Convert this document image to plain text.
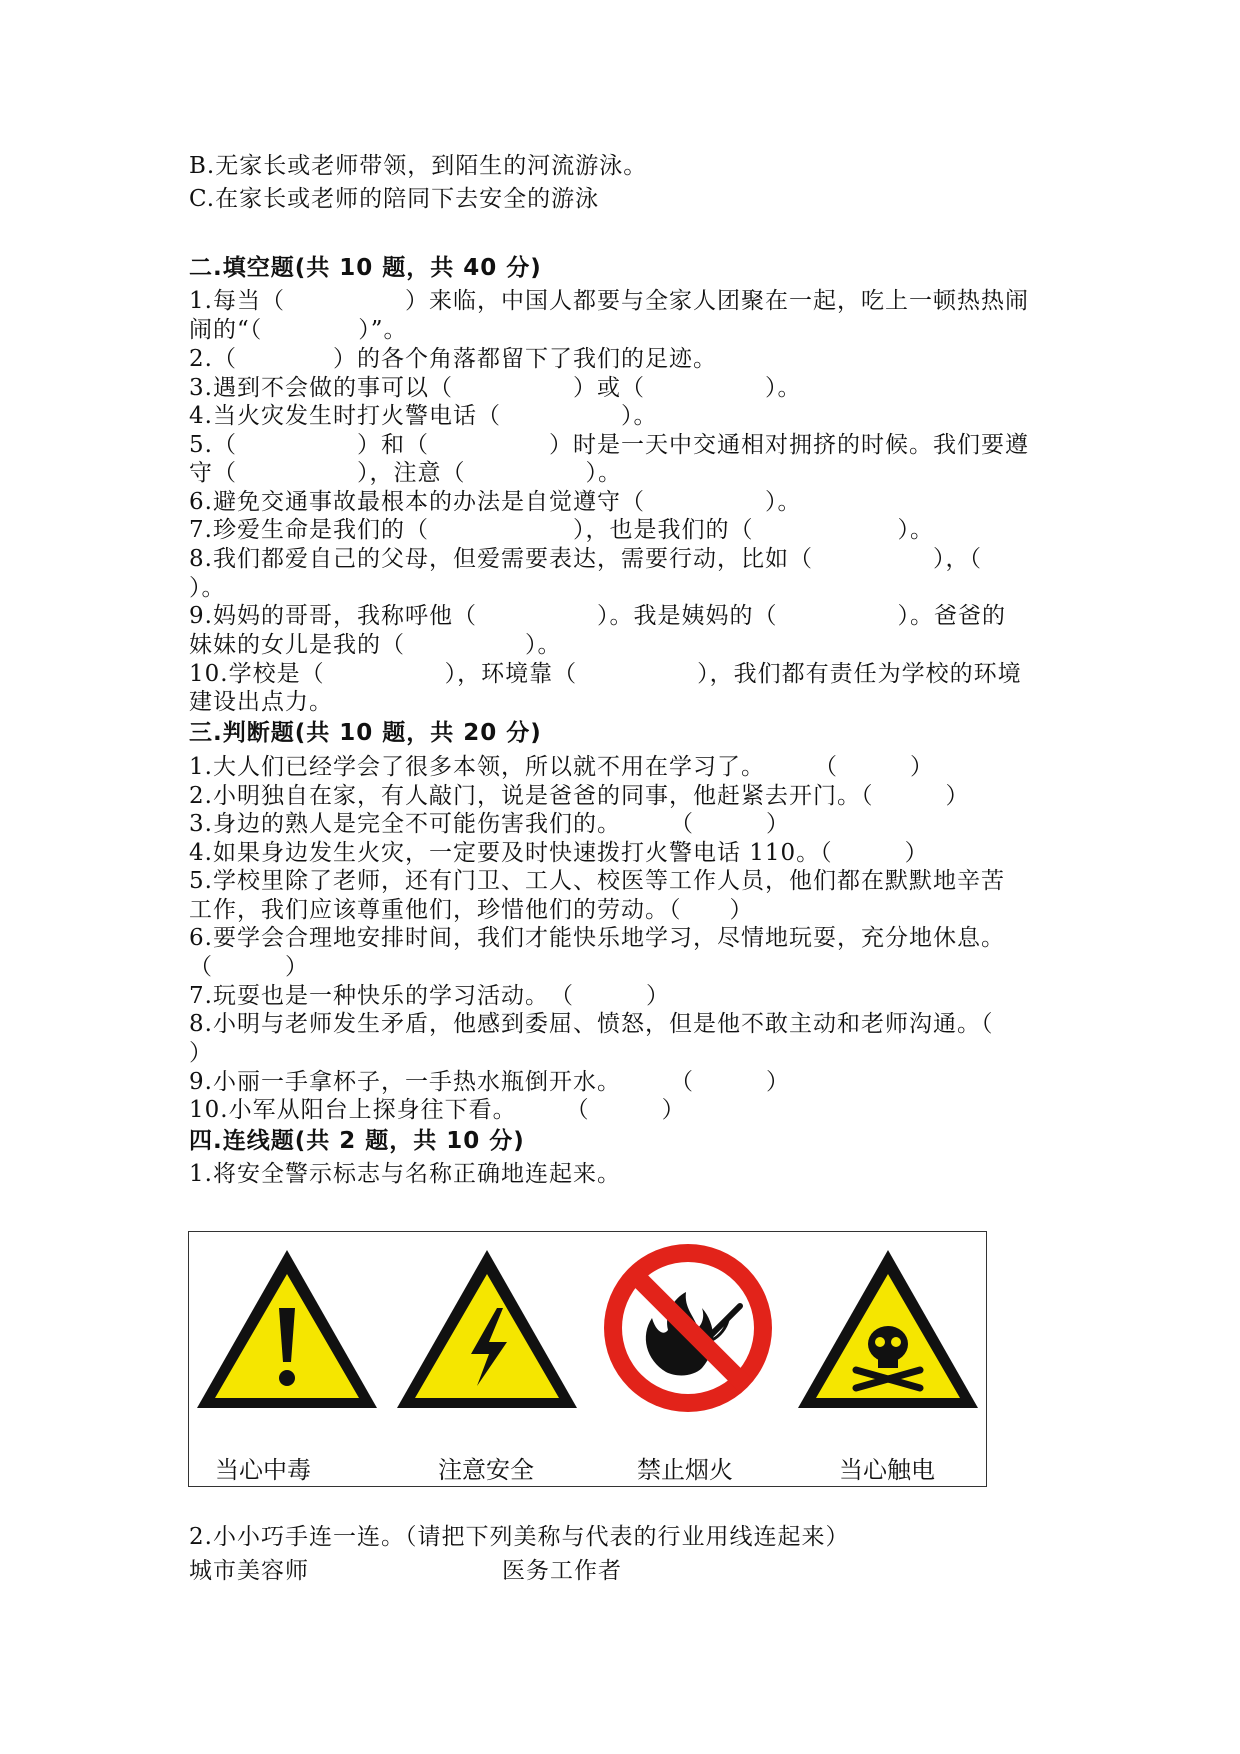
B.无家长或老师带领，到陌生的河流游泳。
C.在家长或老师的陪同下去安全的游泳
二.填空题(共 10 题，共 40 分)
1.每当（　　　　　）来临，中国人都要与全家人团聚在一起，吃上一顿热热闹
闹的“（　　　　）”。
2.（　　　　）的各个角落都留下了我们的足迹。
3.遇到不会做的事可以（　　　　　）或（　　　　　）。
4.当火灾发生时打火警电话（　　　　　）。
5.（　　　　　）和（　　　　　）时是一天中交通相对拥挤的时候。我们要遵
守（　　　　　），注意（　　　　　）。
6.避免交通事故最根本的办法是自觉遵守（　　　　　）。
7.珍爱生命是我们的（　　　　　　），也是我们的（　　　　　　）。
8.我们都爱自己的父母，但爱需要表达，需要行动，比如（　　　　　），（
）。
9.妈妈的哥哥，我称呼他（　　　　　）。我是姨妈的（　　　　　）。爸爸的
妹妹的女儿是我的（　　　　　）。
10.学校是（　　　　　），环境靠（　　　　　），我们都有责任为学校的环境
建设出点力。
三.判断题(共 10 题，共 20 分)
1.大人们已经学会了很多本领，所以就不用在学习了。　　　（　　　）
2.小明独自在家，有人敲门，说是爸爸的同事，他赶紧去开门。（　　　）
3.身边的熟人是完全不可能伤害我们的。　　　（　　　）
4.如果身边发生火灾，一定要及时快速拨打火警电话 110。（　　　）
5.学校里除了老师，还有门卫、工人、校医等工作人员，他们都在默默地辛苦
工作，我们应该尊重他们，珍惜他们的劳动。（　　）
6.要学会合理地安排时间，我们才能快乐地学习，尽情地玩耍，充分地休息。
（　　　）
7.玩耍也是一种快乐的学习活动。　（　　　）
8.小明与老师发生矛盾，他感到委屈、愤怒，但是他不敢主动和老师沟通。（
）
9.小丽一手拿杯子，一手热水瓶倒开水。　　　（　　　）
10.小军从阳台上探身往下看。　　　（　　　）
四.连线题(共 2 题，共 10 分)
1.将安全警示标志与名称正确地连起来。
当心中毒	注意安全	禁止烟火	当心触电
2.小小巧手连一连。（请把下列美称与代表的行业用线连起来）
城市美容师	医务工作者
